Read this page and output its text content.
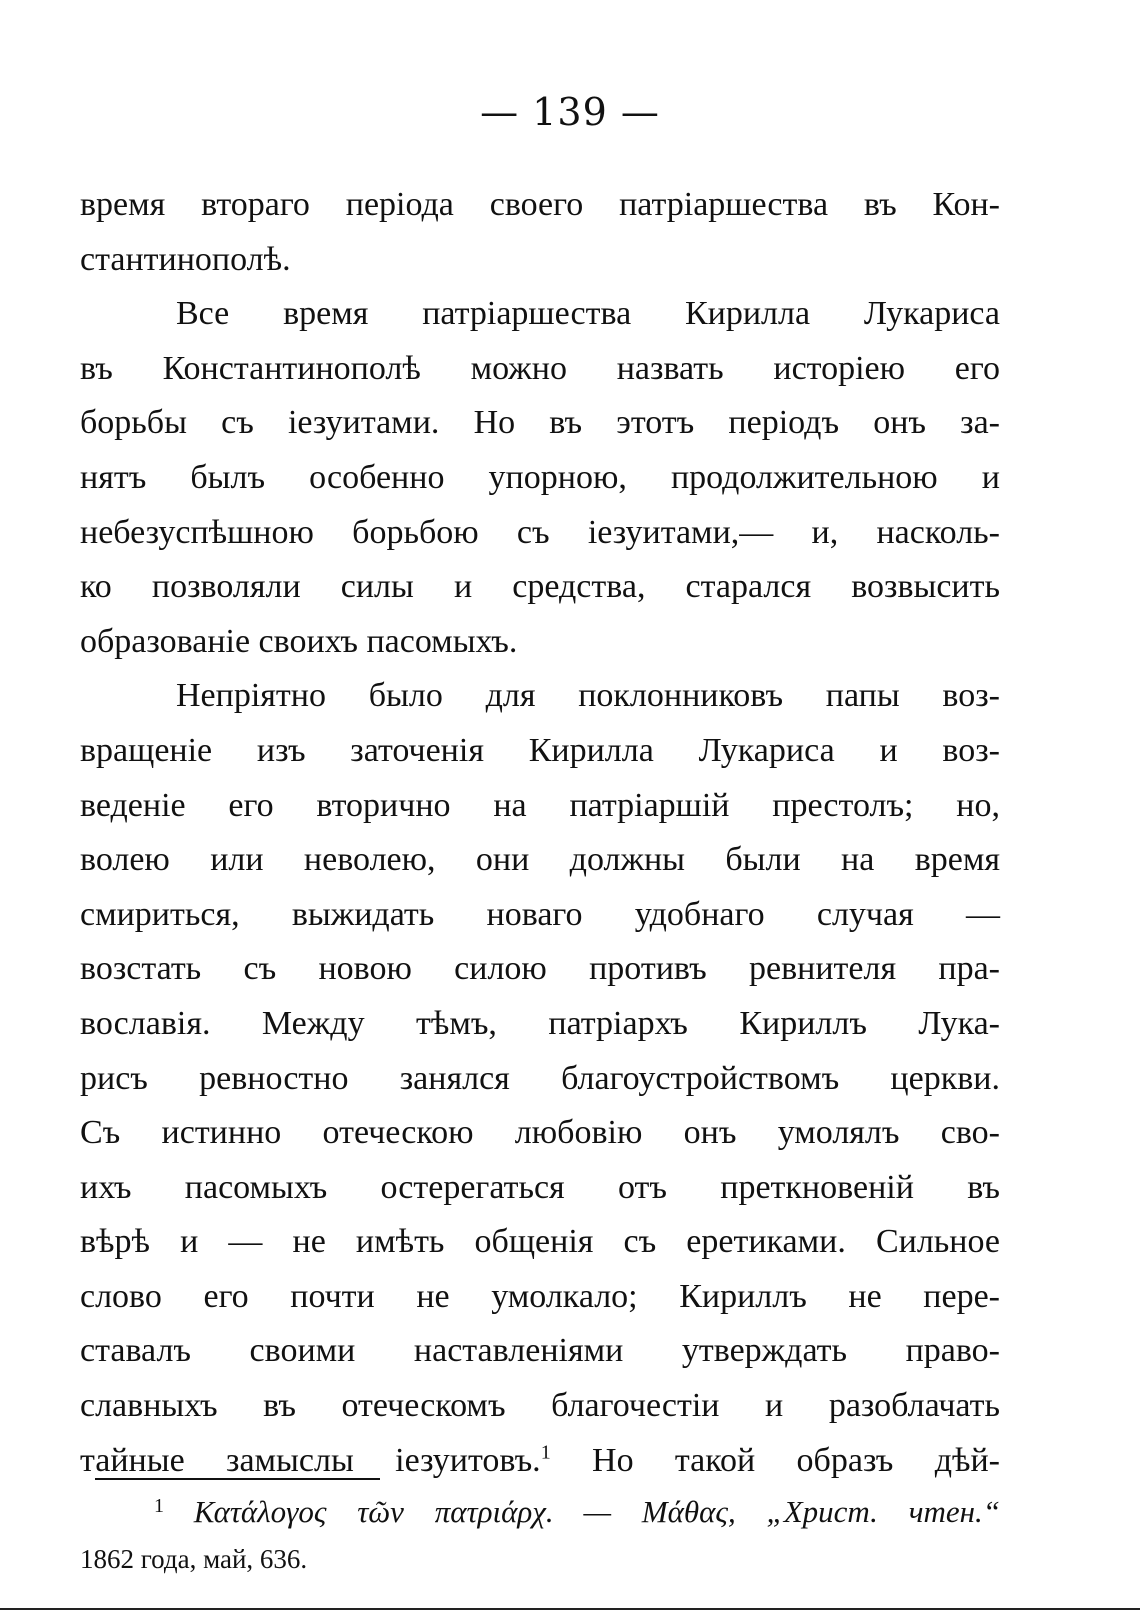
— 139 —
время вторaго періода своего патріаршества въ Кон-
стантинополѣ.
Все время патріаршества Кирилла Лукариса
въ Константинополѣ можно назвать исторіею его
борьбы съ іезуитами. Но въ этотъ періодъ онъ за-
нятъ былъ особенно упорною, продолжительною и
небезуспѣшною борьбою съ іезуитами,— и, насколь-
ко позволяли силы и средства, старался возвысить
образованіе своихъ пасомыхъ.
Непріятно было для поклонниковъ папы воз-
вращеніе изъ заточенія Кирилла Лукариса и воз-
веденіе его вторично на патріаршій престолъ; но,
волею или неволею, они должны были на время
смириться, выжидать новаго удобнаго случая —
возстать съ новою силою противъ ревнителя пра-
вославія. Между тѣмъ, патріархъ Кириллъ Лука-
рисъ ревностно занялся благоустройствомъ церкви.
Съ истинно отеческою любовію онъ умолялъ сво-
ихъ пасомыхъ остерегаться отъ преткновеній въ
вѣрѣ и — не имѣть общенія съ еретиками. Сильное
слово его почти не умолкало; Кириллъ не пере-
ставалъ своими наставленіями утверждать право-
славныхъ въ отеческомъ благочестіи и разоблачать
тайные замыслы іезуитовъ.$^1$ Но такой образъ дѣй-
$^1$ Κατάλογος τῶν πατριάρχ. — Μάθας, „Христ. чтен.“
1862 года, май, 636.
